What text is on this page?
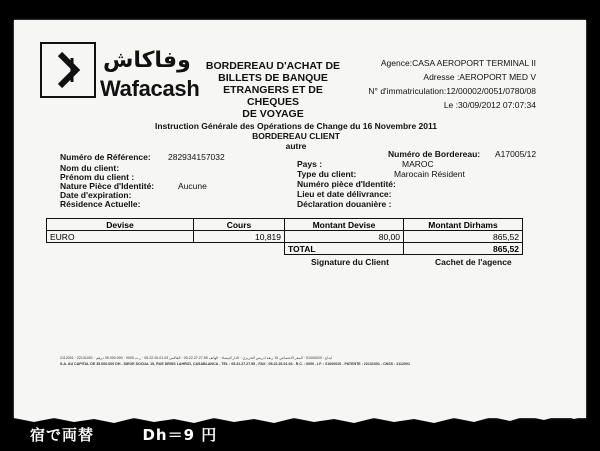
وفاكاش
Wafacash
BORDEREAU D'ACHAT DE
BILLETS DE BANQUE
ETRANGERS ET DE CHEQUES
DE VOYAGE
Agence:CASA AEROPORT TERMINAL II
Adresse :AEROPORT MED V
N° d'immatriculation:12/00002/0051/0780/08
Le :30/09/2012 07:07:34
Instruction Générale des Opérations de Change du 16 Novembre 2011
BORDEREAU CLIENT
autre
Numéro de Référence: 282934157032
Nom du client:
Prénom du client :
Nature Pièce d'Identité:	Aucune
Date d'expiration:
Résidence Actuelle:
Numéro de Bordereau: A17005/12
Pays :	MAROC
Type du client:	Marocain Résident
Numéro pièce d'Identité:
Lieu et date délivrance:
Déclaration douanière :
Devise	Cours	Montant Devise	Montant Dirhams
EURO	10,819	80,00	865,52
		TOTAL	865,52
Signature du Client	Cachet de l'agence
2112001 · 22131001 · ايداع : 01000020 · المقر الاجتماعي 15 زنقة ادريس الحريزي · الدار البيضاء · الهاتف 05.22.27.27.55 · الفاكس 05.22.26.01.03 · ر.ت 0000 · 35.000.000 درهم
S.A. AU CAPITAL DE 35.000.000 DH - SIEGE SOCIAL 15, RUE DRISS LAHRIZI, CASABLANCA - TEL : 05.22.27.27.55 - FAX : 05.22.26.01.03 - R.C. : 0000 - I.F. : 01000020 - PATENTE : 22131001 - CNSS : 2112001
宿で両替	Dh＝9 円
